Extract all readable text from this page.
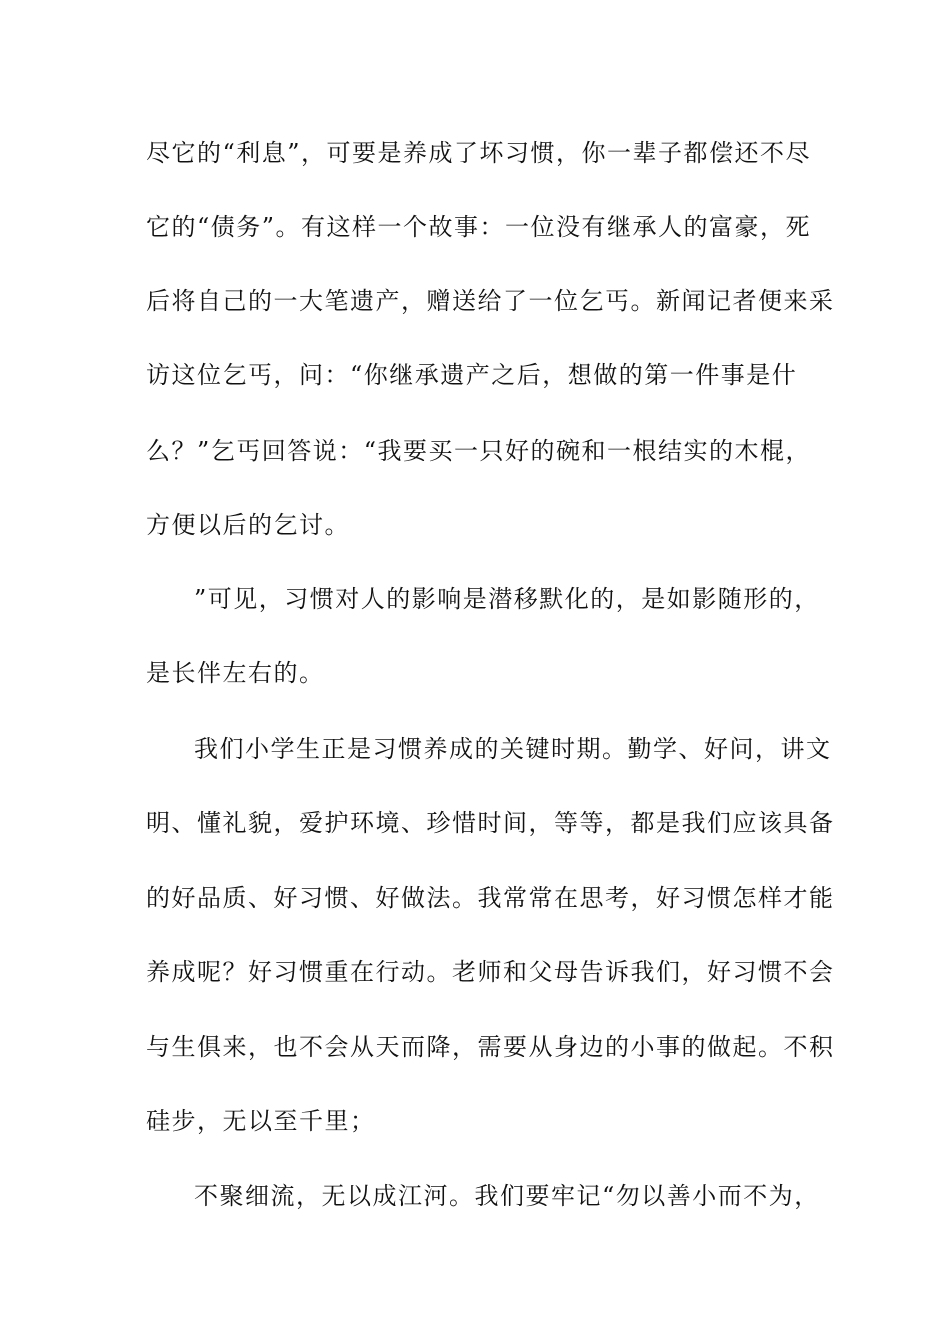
尽它的“利息”，可要是养成了坏习惯，你一辈子都偿还不尽
它的“债务”。有这样一个故事：一位没有继承人的富豪，死
后将自己的一大笔遗产，赠送给了一位乞丐。新闻记者便来采
访这位乞丐，问：“你继承遗产之后，想做的第一件事是什
么？”乞丐回答说：“我要买一只好的碗和一根结实的木棍，
方便以后的乞讨。
”可见，习惯对人的影响是潜移默化的，是如影随形的，
是长伴左右的。
我们小学生正是习惯养成的关键时期。勤学、好问，讲文
明、懂礼貌，爱护环境、珍惜时间，等等，都是我们应该具备
的好品质、好习惯、好做法。我常常在思考，好习惯怎样才能
养成呢？好习惯重在行动。老师和父母告诉我们，好习惯不会
与生俱来，也不会从天而降，需要从身边的小事的做起。不积
硅步，无以至千里；
不聚细流，无以成江河。我们要牢记“勿以善小而不为，
